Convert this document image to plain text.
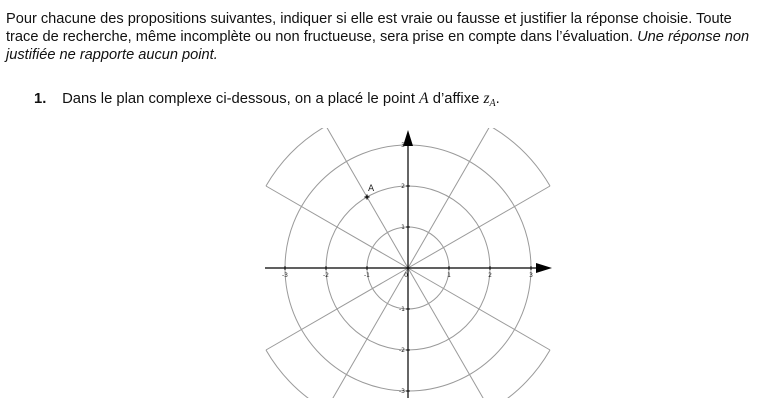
Pour chacune des propositions suivantes, indiquer si elle est vraie ou fausse et justifier la réponse choisie. Toute trace de recherche, même incomplète ou non fructueuse, sera prise en compte dans l’évaluation. Une réponse non justifiée ne rapporte aucun point.
1. Dans le plan complexe ci-dessous, on a placé le point A d’affixe $z_A$.
-3	-2	-1	0	1	2	3
3
2
1
-1
-2
-3
A
